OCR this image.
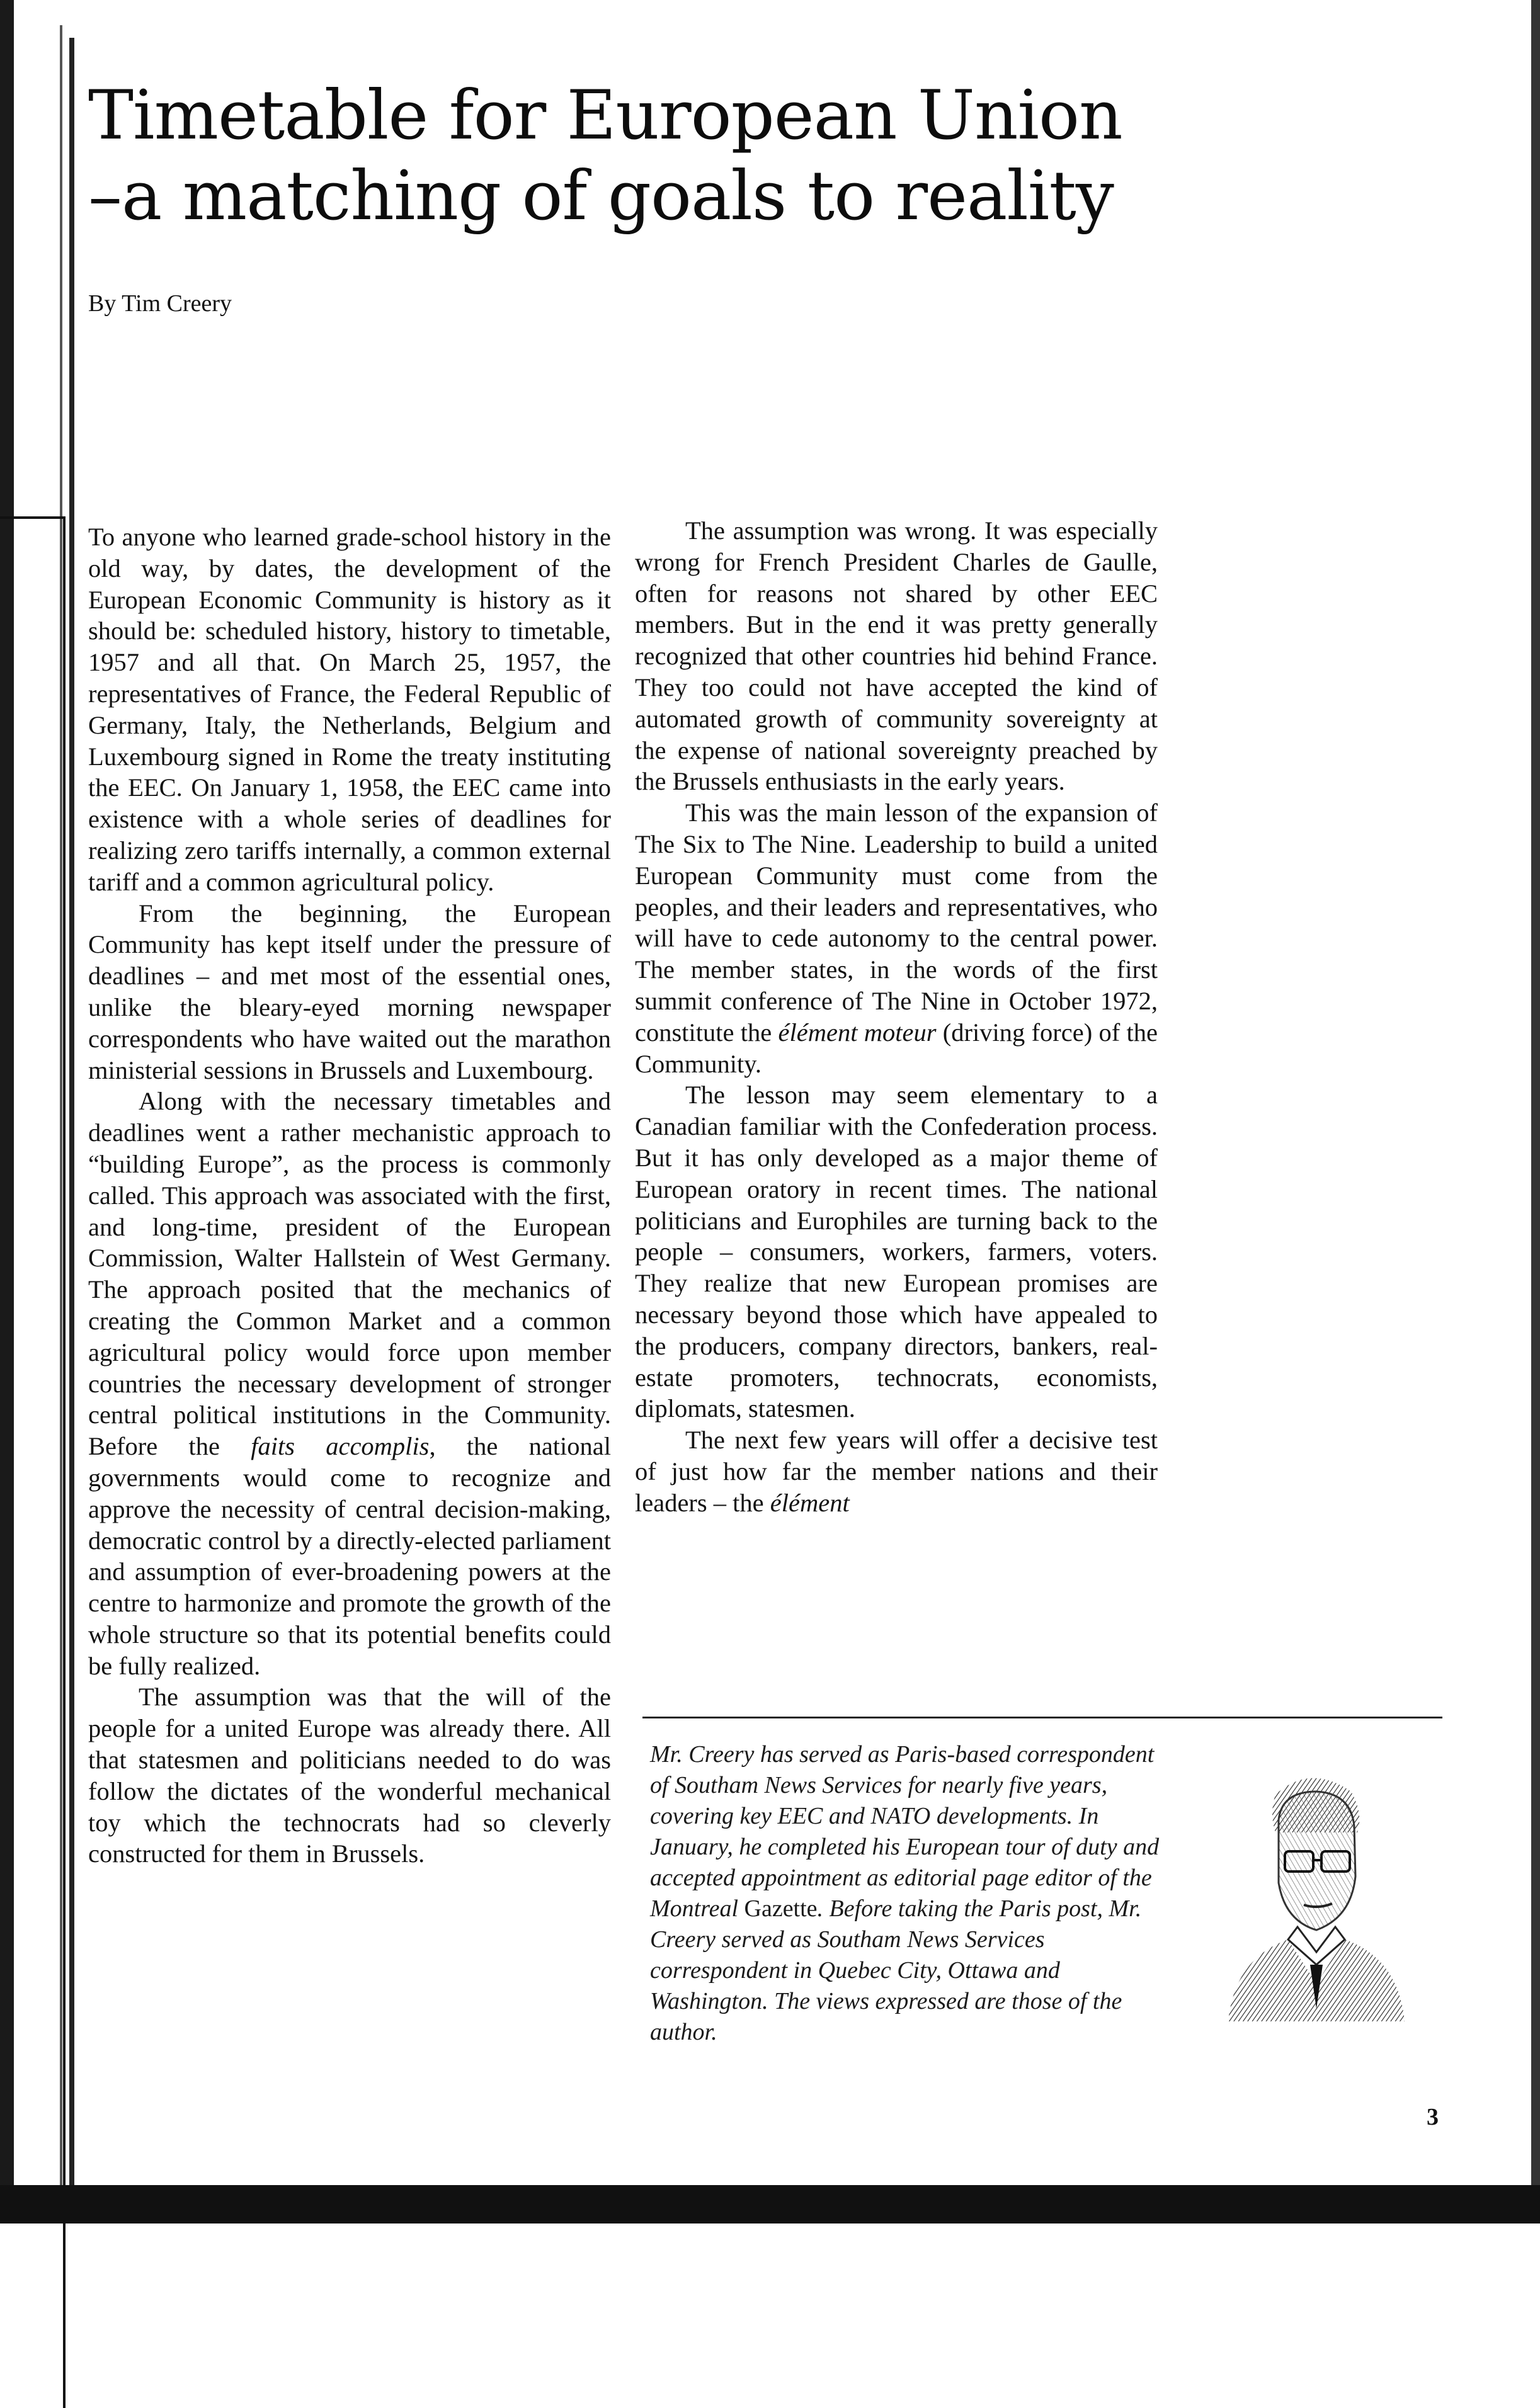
Timetable for European Union
–a matching of goals to reality
By Tim Creery

To anyone who learned grade-school history in the old way, by dates, the development of the European Economic Community is history as it should be: scheduled history, history to timetable, 1957 and all that. On March 25, 1957, the representatives of France, the Federal Republic of Germany, Italy, the Netherlands, Belgium and Luxembourg signed in Rome the treaty instituting the EEC. On January 1, 1958, the EEC came into existence with a whole series of deadlines for realizing zero tariffs internally, a common external tariff and a common agricultural policy.

From the beginning, the European Community has kept itself under the pressure of deadlines – and met most of the essential ones, unlike the bleary-eyed morning newspaper correspondents who have waited out the marathon ministerial sessions in Brussels and Luxembourg.

Along with the necessary timetables and deadlines went a rather mechanistic approach to “building Europe”, as the process is commonly called. This approach was associated with the first, and long-time, president of the European Commission, Walter Hallstein of West Germany. The approach posited that the mechanics of creating the Common Market and a common agricultural policy would force upon member countries the necessary development of stronger central political institutions in the Community. Before the faits accomplis, the national governments would come to recognize and approve the necessity of central decision-making, democratic control by a directly-elected parliament and assumption of ever-broadening powers at the centre to harmonize and promote the growth of the whole structure so that its potential benefits could be fully realized.

The assumption was that the will of the people for a united Europe was already there. All that statesmen and politicians needed to do was follow the dictates of the wonderful mechanical toy which the technocrats had so cleverly constructed for them in Brussels.

The assumption was wrong. It was especially wrong for French President Charles de Gaulle, often for reasons not shared by other EEC members. But in the end it was pretty generally recognized that other countries hid behind France. They too could not have accepted the kind of automated growth of community sovereignty at the expense of national sovereignty preached by the Brussels enthusiasts in the early years.

This was the main lesson of the expansion of The Six to The Nine. Leadership to build a united European Community must come from the peoples, and their leaders and representatives, who will have to cede autonomy to the central power. The member states, in the words of the first summit conference of The Nine in October 1972, constitute the élément moteur (driving force) of the Community.

The lesson may seem elementary to a Canadian familiar with the Confederation process. But it has only developed as a major theme of European oratory in recent times. The national politicians and Europhiles are turning back to the people – consumers, workers, farmers, voters. They realize that new European promises are necessary beyond those which have appealed to the producers, company directors, bankers, real-estate promoters, technocrats, economists, diplomats, statesmen.

The next few years will offer a decisive test of just how far the member nations and their leaders – the élément

Mr. Creery has served as Paris-based correspondent of Southam News Services for nearly five years, covering key EEC and NATO developments. In January, he completed his European tour of duty and accepted appointment as editorial page editor of the Montreal Gazette. Before taking the Paris post, Mr. Creery served as Southam News Services correspondent in Quebec City, Ottawa and Washington. The views expressed are those of the author.
3
